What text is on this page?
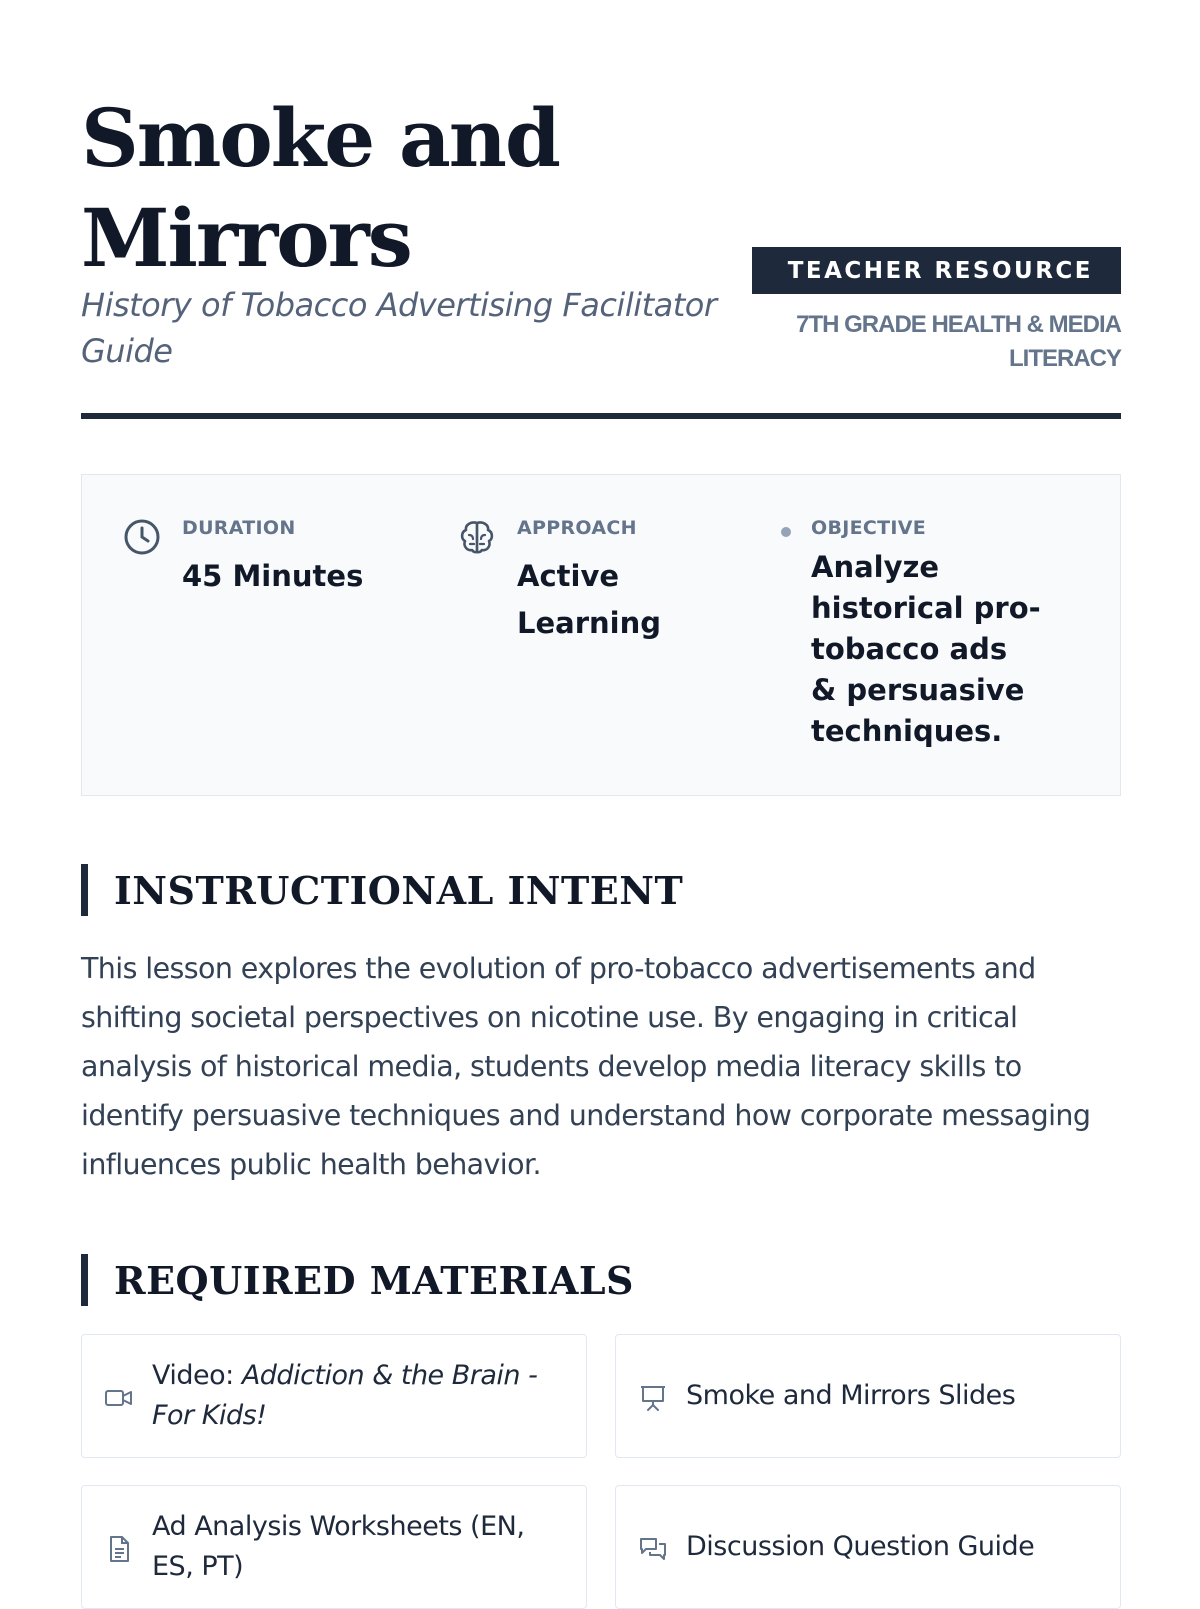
Smoke and Mirrors
History of Tobacco Advertising Facilitator Guide
TEACHER RESOURCE
7TH GRADE HEALTH & MEDIA LITERACY
DURATION
45 Minutes
APPROACH
Active Learning
OBJECTIVE
Analyze historical pro-tobacco ads & persuasive techniques.
INSTRUCTIONAL INTENT

This lesson explores the evolution of pro-tobacco advertisements and shifting societal perspectives on nicotine use. By engaging in critical analysis of historical media, students develop media literacy skills to identify persuasive techniques and understand how corporate messaging influences public health behavior.

REQUIRED MATERIALS
Video: Addiction & the Brain - For Kids!
Smoke and Mirrors Slides
Ad Analysis Worksheets (EN, ES, PT)
Discussion Question Guide
